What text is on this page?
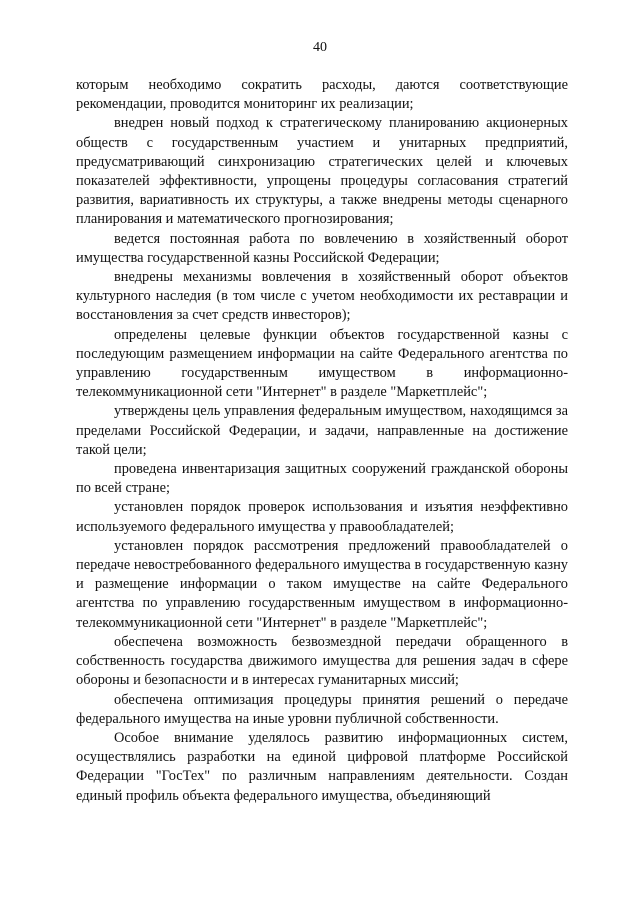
40

которым необходимо сократить расходы, даются соответствующие рекомендации, проводится мониторинг их реализации;

внедрен новый подход к стратегическому планированию акционерных обществ с государственным участием и унитарных предприятий, предусматривающий синхронизацию стратегических целей и ключевых показателей эффективности, упрощены процедуры согласования стратегий развития, вариативность их структуры, а также внедрены методы сценарного планирования и математического прогнозирования;

ведется постоянная работа по вовлечению в хозяйственный оборот имущества государственной казны Российской Федерации;

внедрены механизмы вовлечения в хозяйственный оборот объектов культурного наследия (в том числе с учетом необходимости их реставрации и восстановления за счет средств инвесторов);

определены целевые функции объектов государственной казны с последующим размещением информации на сайте Федерального агентства по управлению государственным имуществом в информационно-телекоммуникационной сети "Интернет" в разделе "Маркетплейс";

утверждены цель управления федеральным имуществом, находящимся за пределами Российской Федерации, и задачи, направленные на достижение такой цели;

проведена инвентаризация защитных сооружений гражданской обороны по всей стране;

установлен порядок проверок использования и изъятия неэффективно используемого федерального имущества у правообладателей;

установлен порядок рассмотрения предложений правообладателей о передаче невостребованного федерального имущества в государственную казну и размещение информации о таком имуществе на сайте Федерального агентства по управлению государственным имуществом в информационно-телекоммуникационной сети "Интернет" в разделе "Маркетплейс";

обеспечена возможность безвозмездной передачи обращенного в собственность государства движимого имущества для решения задач в сфере обороны и безопасности и в интересах гуманитарных миссий;

обеспечена оптимизация процедуры принятия решений о передаче федерального имущества на иные уровни публичной собственности.

Особое внимание уделялось развитию информационных систем, осуществлялись разработки на единой цифровой платформе Российской Федерации "ГосТех" по различным направлениям деятельности. Создан единый профиль объекта федерального имущества, объединяющий
